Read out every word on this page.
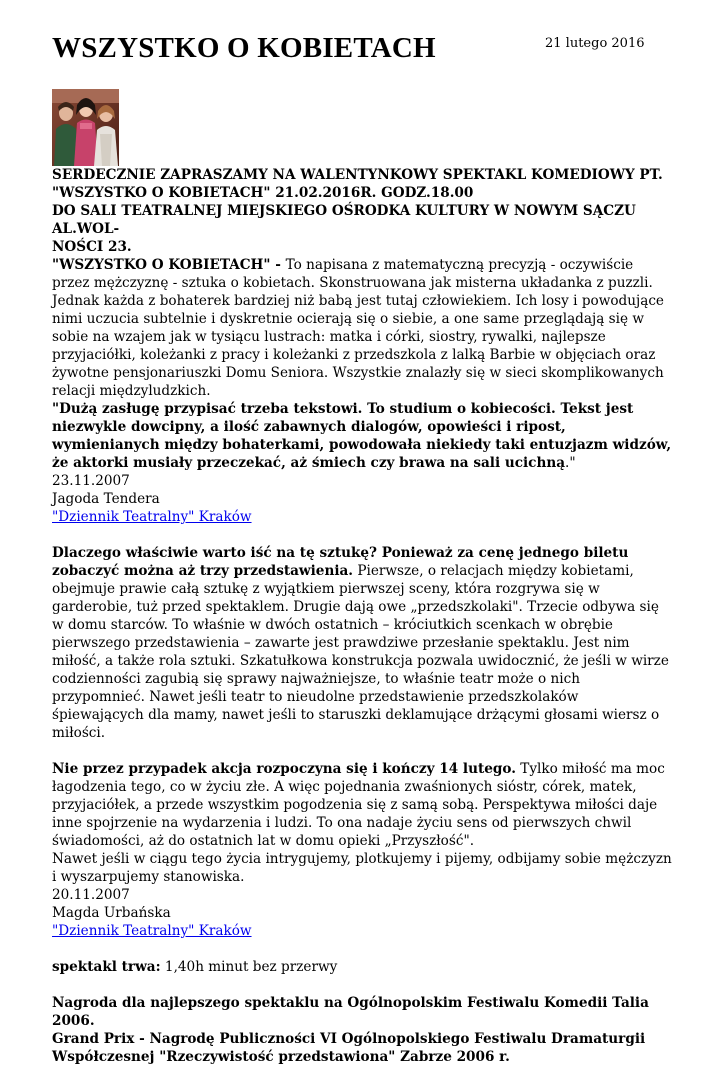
WSZYSTKO O KOBIETACH	21 lutego 2016

SERDECZNIE ZAPRASZAMY NA WALENTYNKOWY SPEKTAKL KOMEDIOWY PT.

"WSZYSTKO O KOBIETACH" 21.02.2016R. GODZ.18.00

DO SALI TEATRALNEJ MIEJSKIEGO OŚRODKA KULTURY W NOWYM SĄCZU AL.WOL-

NOŚCI 23.

"WSZYSTKO O KOBIETACH" - To napisana z matematyczną precyzją - oczywiście przez mężczyznę - sztuka o kobietach. Skonstruowana jak misterna układanka z puzzli. Jednak każda z bohaterek bardziej niż babą jest tutaj człowiekiem. Ich losy i powodujące nimi uczucia subtelnie i dyskretnie ocierają się o siebie, a one same przeglądają się w sobie na wzajem jak w tysiącu lustrach: matka i córki, siostry, rywalki, najlepsze przyjaciółki, koleżanki z pracy i koleżanki z przedszkola z lalką Barbie w objęciach oraz żywotne pensjonariuszki Domu Seniora. Wszystkie znalazły się w sieci skomplikowanych relacji międzyludzkich.

"Dużą zasługę przypisać trzeba tekstowi. To studium o kobiecości. Tekst jest niezwykle dowcipny, a ilość zabawnych dialogów, opowieści i ripost, wymienianych między bohaterkami, powodowała niekiedy taki entuzjazm widzów, że aktorki musiały przeczekać, aż śmiech czy brawa na sali ucichną."

23.11.2007

Jagoda Tendera

"Dziennik Teatralny" Kraków

Dlaczego właściwie warto iść na tę sztukę? Ponieważ za cenę jednego biletu zobaczyć można aż trzy przedstawienia. Pierwsze, o relacjach między kobietami, obejmuje prawie całą sztukę z wyjątkiem pierwszej sceny, która rozgrywa się w garderobie, tuż przed spektaklem. Drugie dają owe „przedszkolaki". Trzecie odbywa się w domu starców. To właśnie w dwóch ostatnich – króciutkich scenkach w obrębie pierwszego przedstawienia – zawarte jest prawdziwe przesłanie spektaklu. Jest nim miłość, a także rola sztuki. Szkatułkowa konstrukcja pozwala uwidocznić, że jeśli w wirze codzienności zagubią się sprawy najważniejsze, to właśnie teatr może o nich przypomnieć. Nawet jeśli teatr to nieudolne przedstawienie przedszkolaków śpiewających dla mamy, nawet jeśli to staruszki deklamujące drżącymi głosami wiersz o miłości.

Nie przez przypadek akcja rozpoczyna się i kończy 14 lutego. Tylko miłość ma moc łagodzenia tego, co w życiu złe. A więc pojednania zwaśnionych sióstr, córek, matek, przyjaciółek, a przede wszystkim pogodzenia się z samą sobą. Perspektywa miłości daje inne spojrzenie na wydarzenia i ludzi. To ona nadaje życiu sens od pierwszych chwil świadomości, aż do ostatnich lat w domu opieki „Przyszłość".

Nawet jeśli w ciągu tego życia intrygujemy, plotkujemy i pijemy, odbijamy sobie mężczyzn i wyszarpujemy stanowiska.

20.11.2007

Magda Urbańska

"Dziennik Teatralny" Kraków

spektakl trwa: 1,40h minut bez przerwy

Nagroda dla najlepszego spektaklu na Ogólnopolskim Festiwalu Komedii Talia 2006.

Grand Prix - Nagrodę Publiczności VI Ogólnopolskiego Festiwalu Dramaturgii Współczesnej "Rzeczywistość przedstawiona" Zabrze 2006 r.
